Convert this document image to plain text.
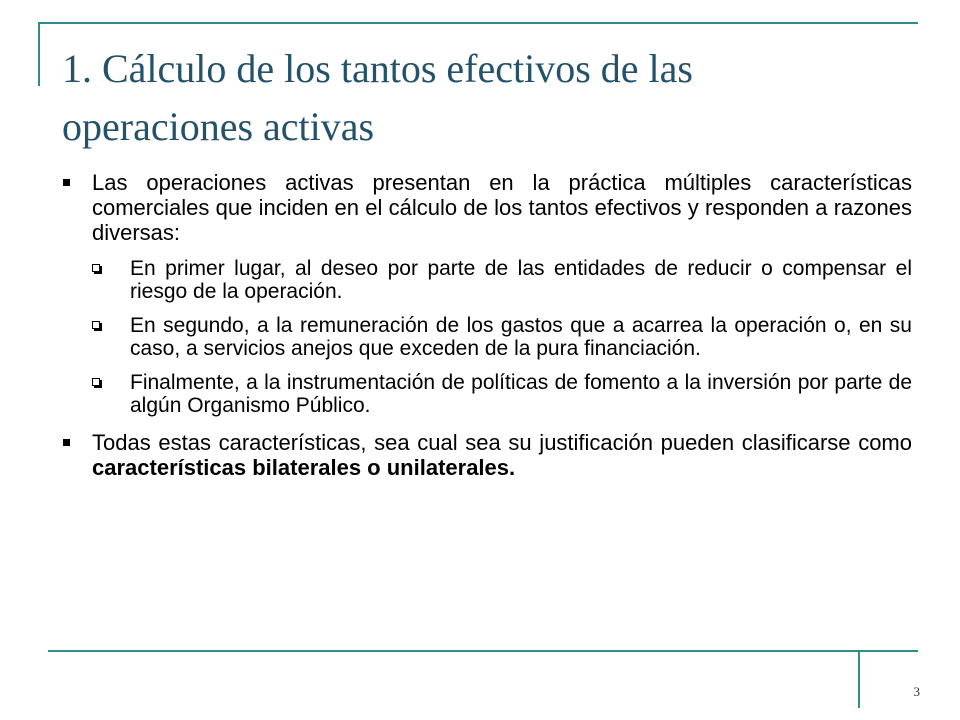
1. Cálculo de los tantos efectivos de las operaciones activas
Las operaciones activas presentan en la práctica múltiples características comerciales que inciden en el cálculo de los tantos efectivos y responden a razones diversas:
En primer lugar, al deseo por parte de las entidades de reducir o compensar el riesgo de la operación.
En segundo, a la remuneración de los gastos que a acarrea la operación o, en su caso, a servicios anejos que exceden de la pura financiación.
Finalmente, a la instrumentación de políticas de fomento a la inversión por parte de algún Organismo Público.
Todas estas características, sea cual sea su justificación pueden clasificarse como características bilaterales o unilaterales.
3
